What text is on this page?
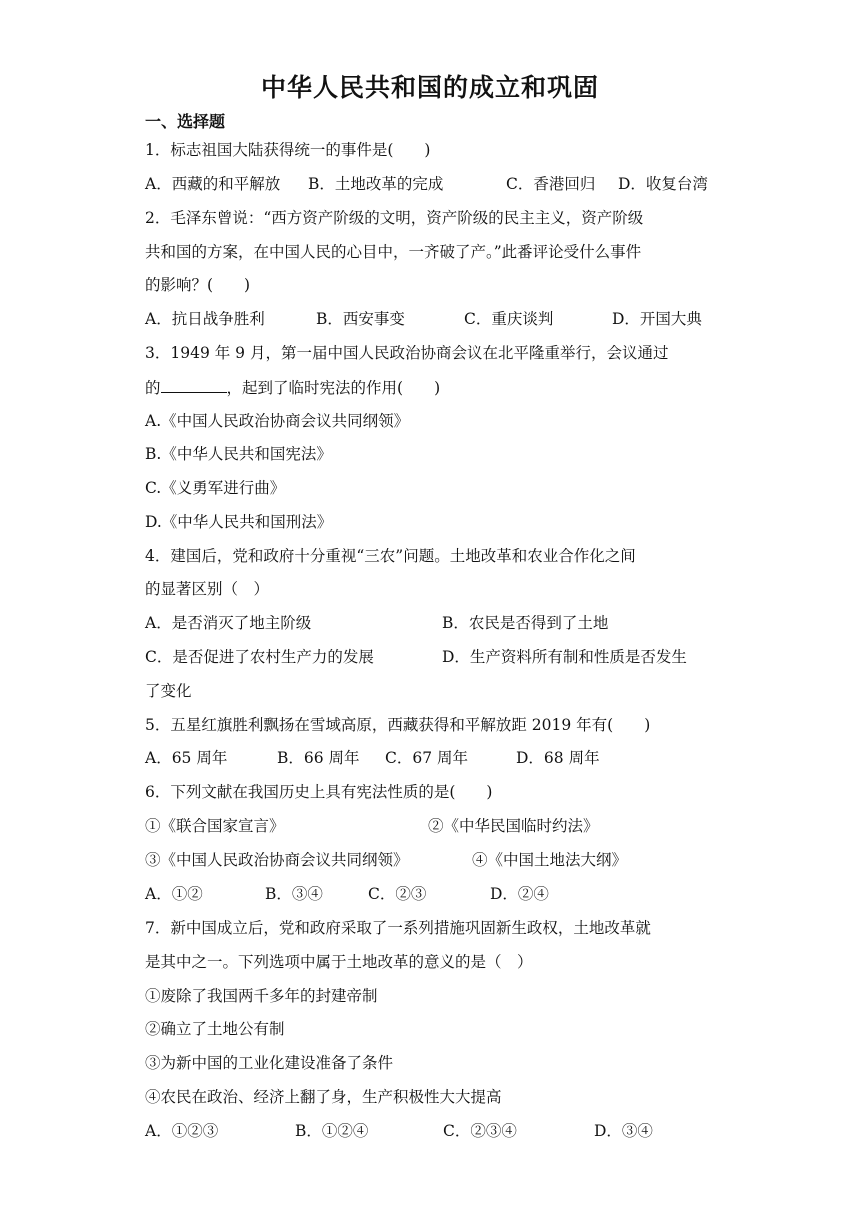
中华人民共和国的成立和巩固
一、选择题
1．标志祖国大陆获得统一的事件是(　　)
A．西藏的和平解放 B．土地改革的完成	C．香港回归 D．收复台湾
2．毛泽东曾说：“西方资产阶级的文明，资产阶级的民主主义，资产阶级
共和国的方案，在中国人民的心目中，一齐破了产。”此番评论受什么事件
的影响？(　　)
A．抗日战争胜利	B．西安事变	C．重庆谈判	D．开国大典
3．1949 年 9 月，第一届中国人民政治协商会议在北平隆重举行，会议通过
的	，起到了临时宪法的作用(　　)
A.《中国人民政治协商会议共同纲领》
B.《中华人民共和国宪法》
C.《义勇军进行曲》
D.《中华人民共和国刑法》
4．建国后，党和政府十分重视“三农”问题。土地改革和农业合作化之间
的显著区别（　）
A．是否消灭了地主阶级	B．农民是否得到了土地
C．是否促进了农村生产力的发展	D．生产资料所有制和性质是否发生
了变化
5．五星红旗胜利飘扬在雪域高原，西藏获得和平解放距 2019 年有(　　)
A．65 周年	B．66 周年 C．67 周年	D．68 周年
6．下列文献在我国历史上具有宪法性质的是(　　)
①《联合国家宣言》	②《中华民国临时约法》
③《中国人民政治协商会议共同纲领》	④《中国土地法大纲》
A．①②	B．③④	C．②③	D．②④
7．新中国成立后，党和政府采取了一系列措施巩固新生政权，土地改革就
是其中之一。下列选项中属于土地改革的意义的是（　）
①废除了我国两千多年的封建帝制
②确立了土地公有制
③为新中国的工业化建设准备了条件
④农民在政治、经济上翻了身，生产积极性大大提高
A．①②③	B．①②④	C．②③④	D．③④
